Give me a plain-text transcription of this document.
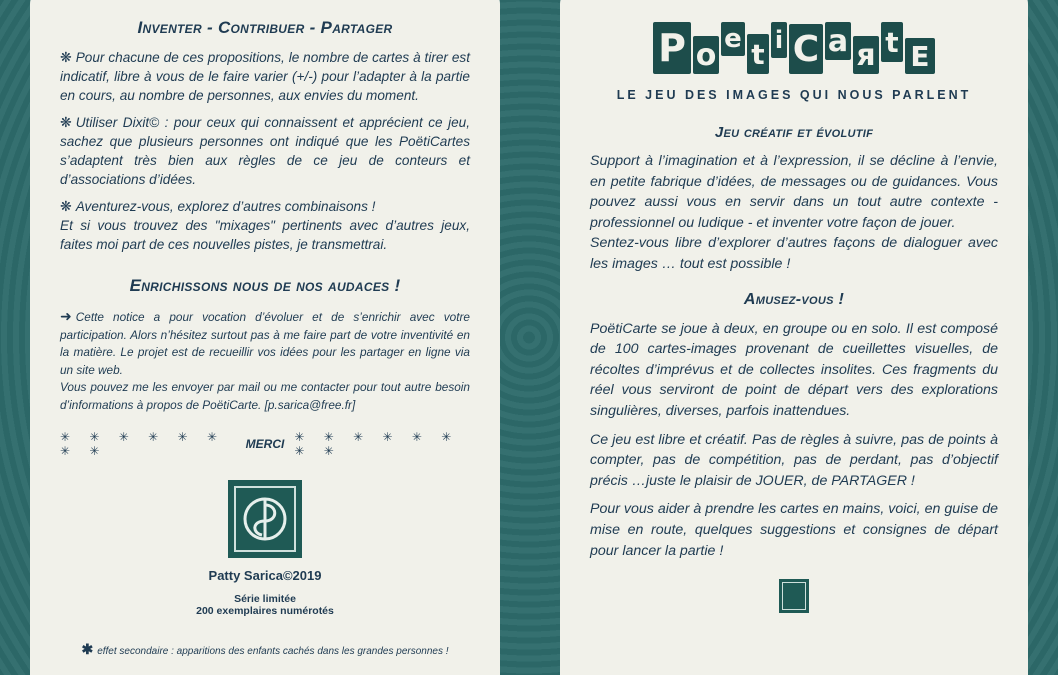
Inventer - Contribuer - Partager

❋ Pour chacune de ces propositions, le nombre de cartes à tirer est indicatif, libre à vous de le faire varier (+/-) pour l’adapter à la partie en cours, au nombre de personnes, aux envies du moment.

❋ Utiliser Dixit© : pour ceux qui connaissent et apprécient ce jeu, sachez que plusieurs personnes ont indiqué que les PoëtiCartes s’adaptent très bien aux règles de ce jeu de conteurs et d’associations d’idées.

❋ Aventurez-vous, explorez d’autres combinaisons !

Et si vous trouvez des "mixages" pertinents avec d’autres jeux, faites moi part de ces nouvelles pistes, je transmettrai.

Enrichissons nous de nos audaces !

➜ Cette notice a pour vocation d’évoluer et de s’enrichir avec votre participation. Alors n’hésitez surtout pas à me faire part de votre inventivité en la matière. Le projet est de recueillir vos idées pour les partager en ligne via un site web.

Vous pouvez me les envoyer par mail ou me contacter pour tout autre besoin d’informations à propos de PoëtiCarte. [p.sarica@free.fr]

✳ ✳ ✳ ✳ ✳ ✳ ✳ ✳	MERCI ✳ ✳ ✳ ✳ ✳ ✳ ✳ ✳
Patty Sarica©2019
Série limitée
200 exemplaires numérotés
✱ effet secondaire : apparitions des enfants cachés dans les grandes personnes !
P o e t i C a я t E
LE JEU DES IMAGES QUI NOUS PARLENT
Jeu créatif et évolutif

Support à l’imagination et à l’expression, il se décline à l’envie, en petite fabrique d’idées, de messages ou de guidances. Vous pouvez aussi vous en servir dans un tout autre contexte - professionnel ou ludique - et inventer votre façon de jouer.

Sentez-vous libre d’explorer d’autres façons de dialoguer avec les images … tout est possible !

Amusez-vous !

PoëtiCarte se joue à deux, en groupe ou en solo. Il est composé de 100 cartes-images provenant de cueillettes visuelles, de récoltes d’imprévus et de collectes insolites. Ces fragments du réel vous serviront de point de départ vers des explorations singulières, diverses, parfois inattendues.

Ce jeu est libre et créatif. Pas de règles à suivre, pas de points à compter, pas de compétition, pas de perdant, pas d’objectif précis …juste le plaisir de JOUER, de PARTAGER !

Pour vous aider à prendre les cartes en mains, voici, en guise de mise en route, quelques suggestions et consignes de départ pour lancer la partie !
